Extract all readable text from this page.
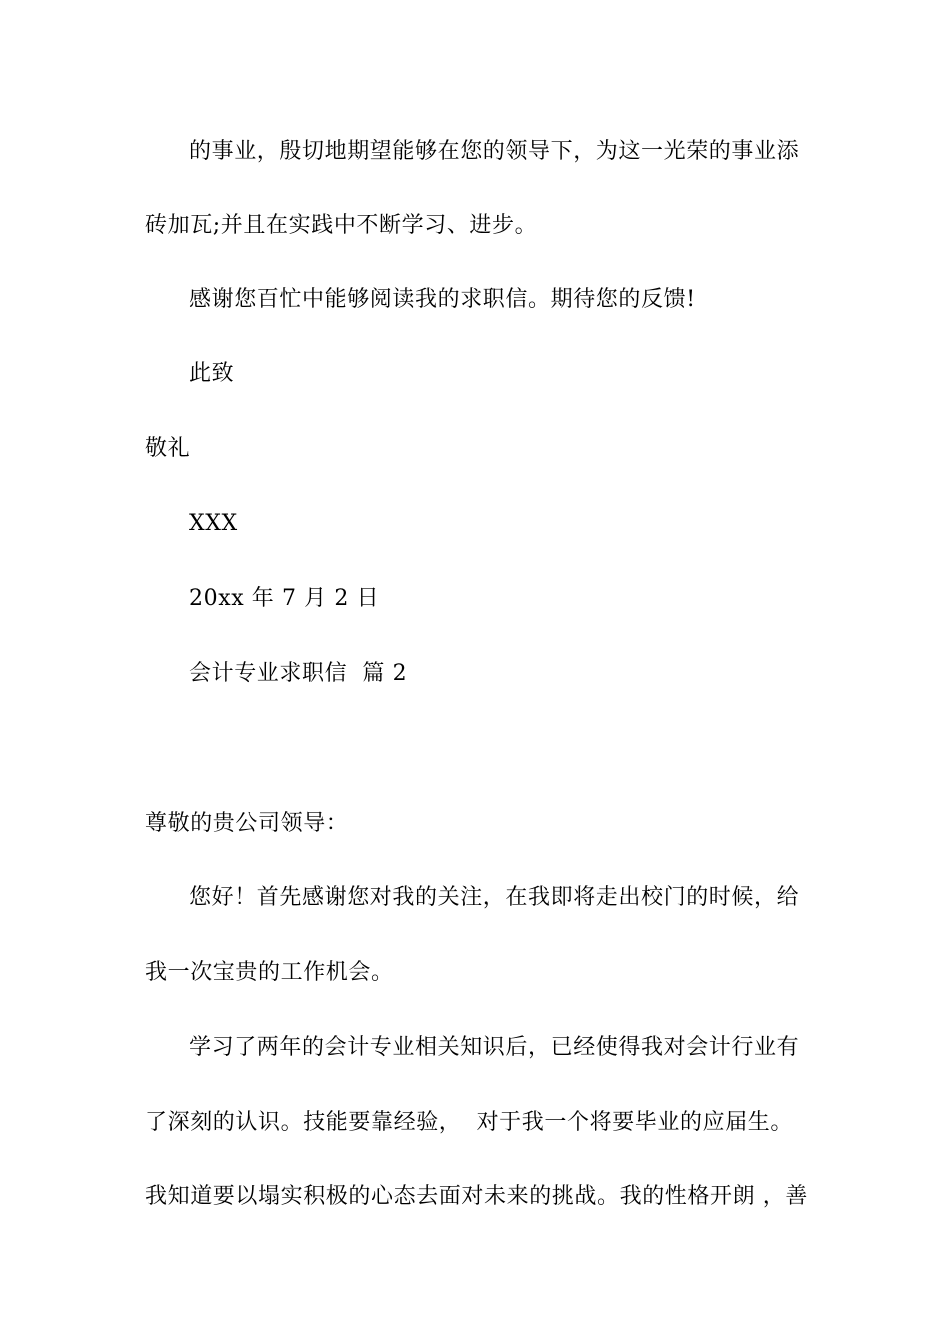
的事业，殷切地期望能够在您的领导下，为这一光荣的事业添
砖加瓦;并且在实践中不断学习、进步。
感谢您百忙中能够阅读我的求职信。期待您的反馈!
此致
敬礼
XXX
20xx 年 7 月 2 日
会计专业求职信  篇 2
尊敬的贵公司领导：
您好！首先感谢您对我的关注，在我即将走出校门的时候，给
我一次宝贵的工作机会。
学习了两年的会计专业相关知识后，已经使得我对会计行业有
了深刻的认识。技能要靠经验，  对于我一个将要毕业的应届生。
我知道要以塌实积极的心态去面对未来的挑战。我的性格开朗 ，善
